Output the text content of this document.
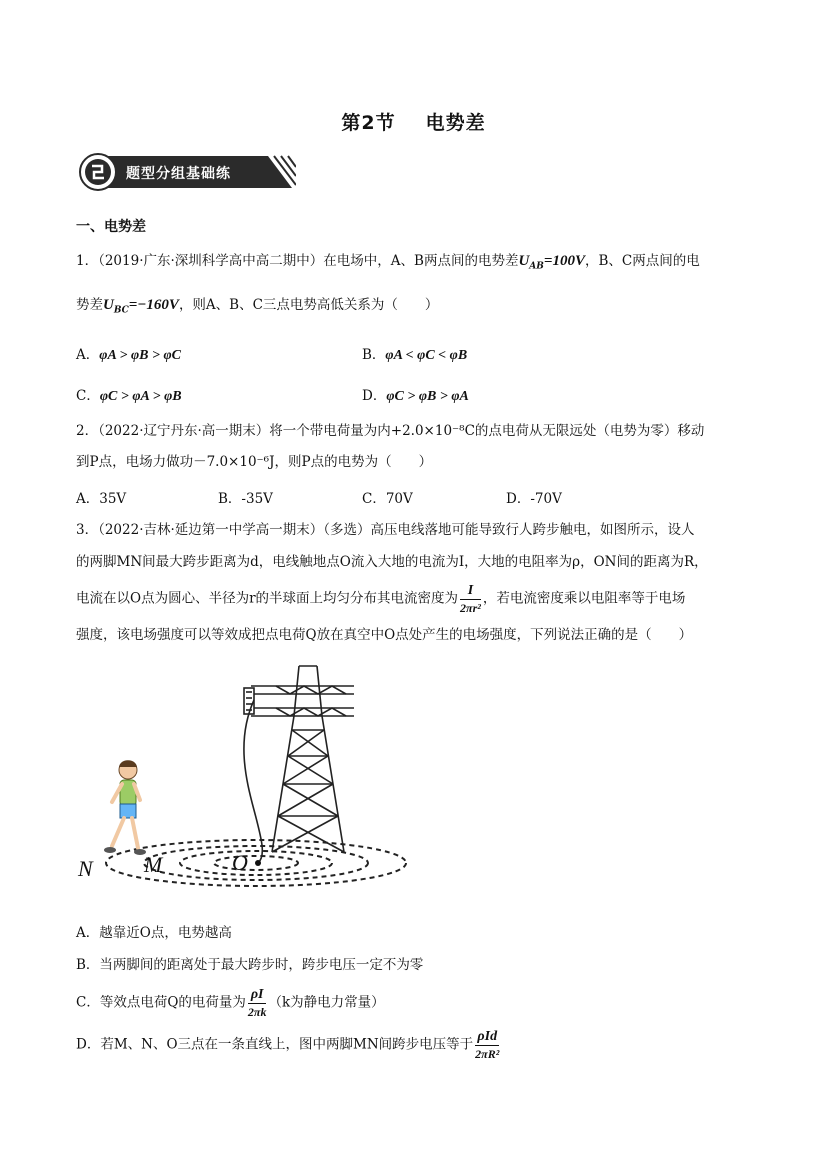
第2节 电势差
题型分组基础练
一、电势差
1．（2019·广东·深圳科学高中高二期中）在电场中，A、B两点间的电势差$U_{AB}=100V$，B、C两点间的电
势差$U_{BC}=-160V$，则A、B、C三点电势高低关系为（　　）
A．φA > φB > φC	B．φA < φC < φB
C．φC > φA > φB	D．φC > φB > φA
2．（2022·辽宁丹东·高一期末）将一个带电荷量为内+2.0×10⁻⁸C的点电荷从无限远处（电势为零）移动
到P点，电场力做功－7.0×10⁻⁶J，则P点的电势为（　　）
A．35V	B．-35V	C．70V	D．-70V
3．（2022·吉林·延边第一中学高一期末）（多选）高压电线落地可能导致行人跨步触电，如图所示，设人
的两脚MN间最大跨步距离为d，电线触地点O流入大地的电流为I，大地的电阻率为ρ，ON间的距离为R，
电流在以O点为圆心、半径为r的半球面上均匀分布其电流密度为 $\frac{I}{\text{2πr²}}$ ，若电流密度乘以电阻率等于电场
强度，该电场强度可以等效成把点电荷Q放在真空中O点处产生的电场强度，下列说法正确的是（　　）
N M	O
A．越靠近O点，电势越高
B．当两脚间的距离处于最大跨步时，跨步电压一定不为零
C．等效点电荷Q的电荷量为 $\frac{\rho I}{2\pi k} (k$为静电力常量）
D．若M、N、O三点在一条直线上，图中两脚MN间跨步电压等于 $\frac{\text{ρId}}{\text{2πR²}}$
